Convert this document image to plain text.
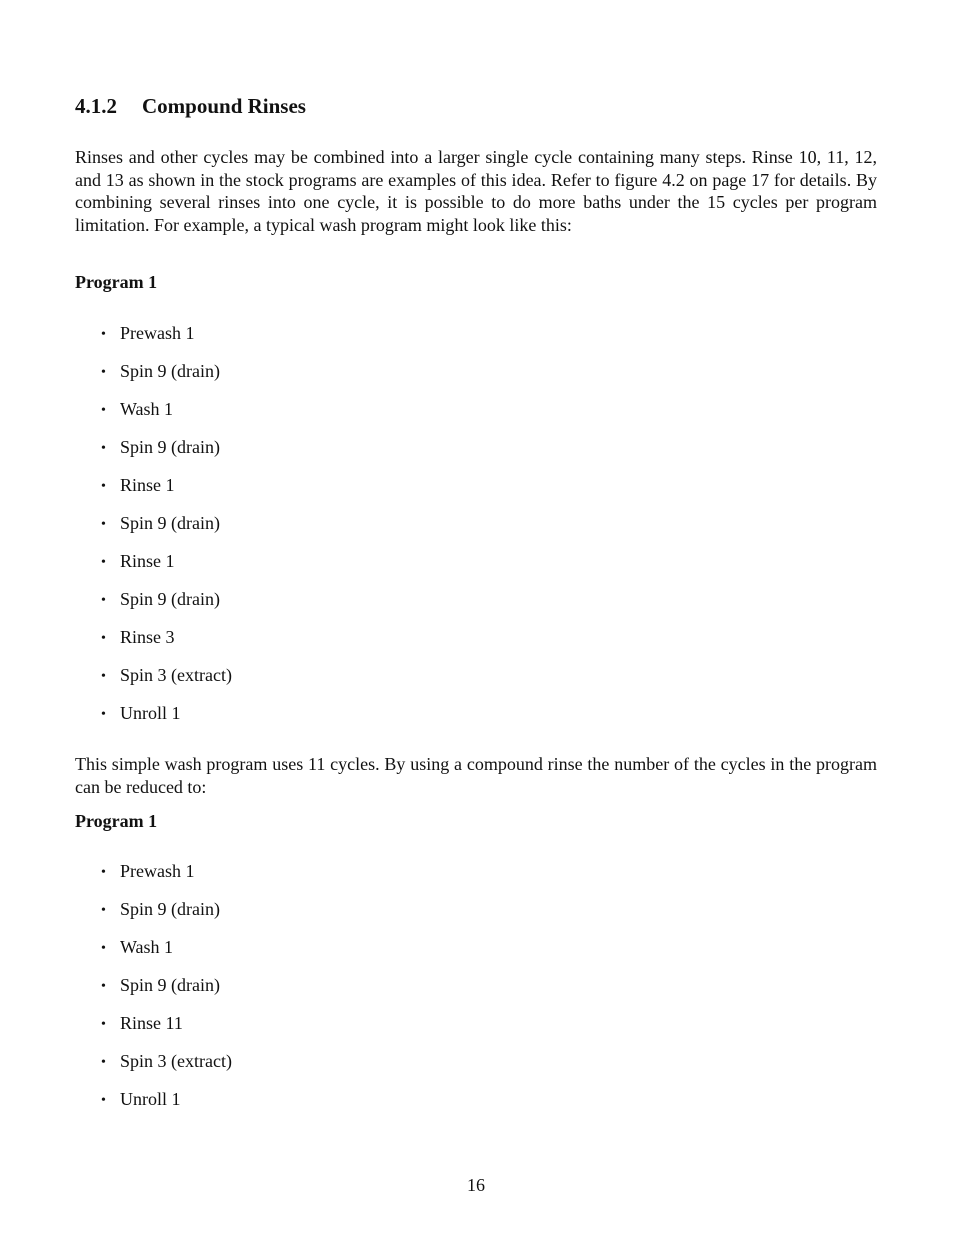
4.1.2 Compound Rinses

Rinses and other cycles may be combined into a larger single cycle containing many steps. Rinse 10, 11, 12, and 13 as shown in the stock programs are examples of this idea. Refer to figure 4.2 on page 17 for details. By combining several rinses into one cycle, it is possible to do more baths under the 15 cycles per program limitation. For example, a typical wash program might look like this:

Program 1
• Prewash 1
• Spin 9 (drain)
• Wash 1
• Spin 9 (drain)
• Rinse 1
• Spin 9 (drain)
• Rinse 1
• Spin 9 (drain)
• Rinse 3
• Spin 3 (extract)
• Unroll 1

This simple wash program uses 11 cycles. By using a compound rinse the number of the cycles in the program can be reduced to:

Program 1
• Prewash 1
• Spin 9 (drain)
• Wash 1
• Spin 9 (drain)
• Rinse 11
• Spin 3 (extract)
• Unroll 1
16
